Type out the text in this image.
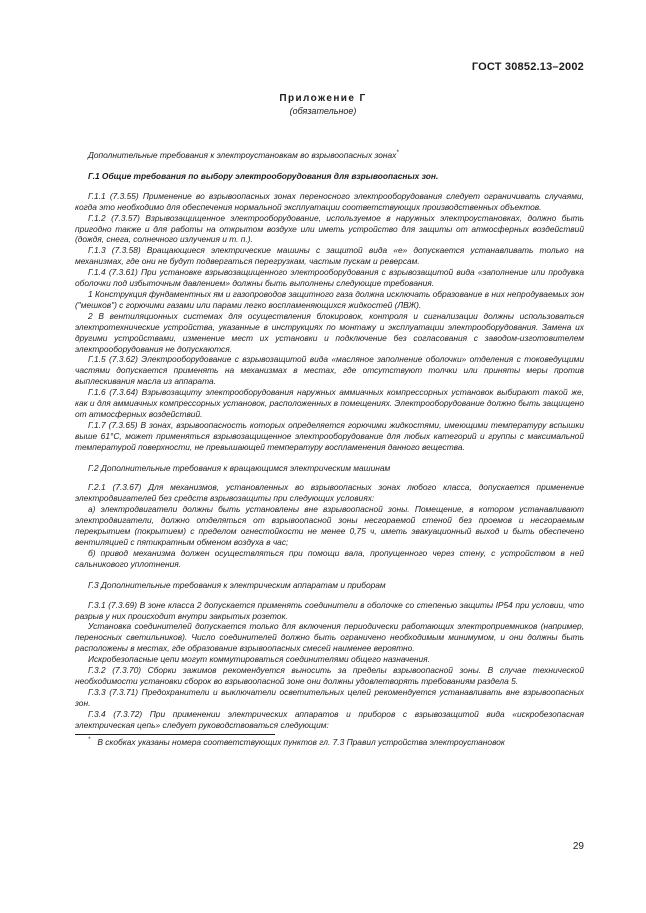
ГОСТ 30852.13–2002
Приложение Г
(обязательное)

Дополнительные требования к электроустановкам во взрывоопасных зонах*

Г.1 Общие требования по выбору электрооборудования для взрывоопасных зон.

Г.1.1 (7.3.55) Применение во взрывоопасных зонах переносного электрооборудования следует ограничивать случаями, когда это необходимо для обеспечения нормальной эксплуатации соответствующих производственных объектов.

Г.1.2 (7.3.57) Взрывозащищенное электрооборудование, используемое в наружных электроустановках, должно быть пригодно также и для работы на открытом воздухе или иметь устройство для защиты от атмосферных воздействий (дождя, снега, солнечного излучения и т. п.).

Г.1.3 (7.3.58) Вращающиеся электрические машины с защитой вида «е» допускается устанавливать только на механизмах, где они не будут подвергаться перегрузкам, частым пускам и реверсам.

Г.1.4 (7.3.61) При установке взрывозащищенного электрооборудования с взрывозащитой вида «заполнение или продувка оболочки под избыточным давлением» должны быть выполнены следующие требования.

1 Конструкция фундаментных ям и газопроводов защитного газа должна исключать образование в них непродуваемых зон ("мешков") с горючими газами или парами легко воспламеняющихся жидкостей (ЛВЖ).

2 В вентиляционных системах для осуществления блокировок, контроля и сигнализации должны использоваться электротехнические устройства, указанные в инструкциях по монтажу и эксплуатации электрооборудования. Замена их другими устройствами, изменение мест их установки и подключение без согласования с заводом-изготовителем электрооборудования не допускаются.

Г.1.5 (7.3.62) Электрооборудование с взрывозащитой вида «масляное заполнение оболочки» отделения с токоведущими частями допускается применять на механизмах в местах, где отсутствуют толчки или приняты меры против выплескивания масла из аппарата.

Г.1.6 (7.3.64) Взрывозащиту электрооборудования наружных аммиачных компрессорных установок выбирают такой же, как и для аммиачных компрессорных установок, расположенных в помещениях. Электрооборудование должно быть защищено от атмосферных воздействий.

Г.1.7 (7.3.65) В зонах, взрывоопасность которых определяется горючими жидкостями, имеющими температуру вспышки выше 61°С, может применяться взрывозащищенное электрооборудование для любых категорий и группы с максимальной температурой поверхности, не превышающей температуру воспламенения данного вещества.

Г.2 Дополнительные требования к вращающимся электрическим машинам

Г.2.1 (7.3.67) Для механизмов, установленных во взрывоопасных зонах любого класса, допускается применение электродвигателей без средств взрывозащиты при следующих условиях:

а) электродвигатели должны быть установлены вне взрывоопасной зоны. Помещение, в котором устанавливают электродвигатели, должно отделяться от взрывоопасной зоны несгораемой стеной без проемов и несгораемым перекрытием (покрытием) с пределом огнестойкости не менее 0,75 ч, иметь эвакуационный выход и быть обеспечено вентиляцией с пятикратным обменом воздуха в час;

б) привод механизма должен осуществляться при помощи вала, пропущенного через стену, с устройством в ней сальникового уплотнения.

Г.3 Дополнительные требования к электрическим аппаратам и приборам

Г.3.1 (7.3.69) В зоне класса 2 допускается применять соединители в оболочке со степенью защиты IP54 при условии, что разрыв у них происходит внутри закрытых розеток.

Установка соединителей допускается только для включения периодически работающих электроприемников (например, переносных светильников). Число соединителей должно быть ограничено необходимым минимумом, и они должны быть расположены в местах, где образование взрывоопасных смесей наименее вероятно.

Искробезопасные цепи могут коммутироваться соединителями общего назначения.

Г.3.2 (7.3.70) Сборки зажимов рекомендуется выносить за пределы взрывоопасной зоны. В случае технической необходимости установки сборок во взрывоопасной зоне они должны удовлетворять требованиям раздела 5.

Г.3.3 (7.3.71) Предохранители и выключатели осветительных целей рекомендуется устанавливать вне взрывоопасных зон.

Г.3.4 (7.3.72) При применении электрических аппаратов и приборов с взрывозащитой вида «искробезопасная электрическая цепь» следует руководствоваться следующим:

* В скобках указаны номера соответствующих пунктов гл. 7.3 Правил устройства электроустановок

29
